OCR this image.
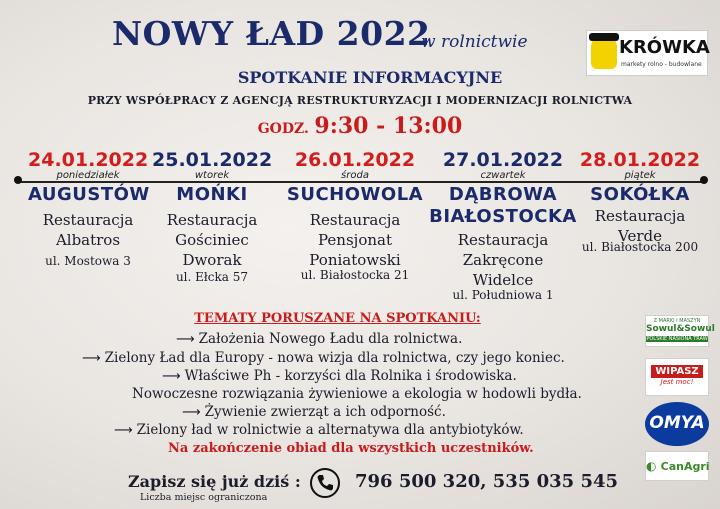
NOWY ŁAD 2022
w rolnictwie
SPOTKANIE INFORMACYJNE
PRZY WSPÓŁPRACY Z AGENCJĄ RESTRUKTURYZACJI I MODERNIZACJI ROLNICTWA
GODZ. 9:30 - 13:00
KRÓWKA
markety rolno - budowlane
24.01.2022
poniedziałek
AUGUSTÓW
Restauracja
Albatros
ul. Mostowa 3
25.01.2022
wtorek
MOŃKI
Restauracja
Gościniec
Dworak
ul. Ełcka 57
26.01.2022
środa
SUCHOWOLA
Restauracja
Pensjonat
Poniatowski
ul. Białostocka 21
27.01.2022
czwartek
DĄBROWA
BIAŁOSTOCKA
Restauracja
Zakręcone
Widelce
ul. Południowa 1
28.01.2022
piątek
SOKÓŁKA
Restauracja
Verde
ul. Białostocka 200
TEMATY PORUSZANE NA SPOTKANIU:
⟶ Założenia Nowego Ładu dla rolnictwa.
⟶ Zielony Ład dla Europy - nowa wizja dla rolnictwa, czy jego koniec.
⟶ Właściwe Ph - korzyści dla Rolnika i środowiska.
Nowoczesne rozwiązania żywieniowe a ekologia w hodowli bydła.
⟶ Żywienie zwierząt a ich odporność.
⟶ Zielony ład w rolnictwie a alternatywa dla antybiotyków.
Na zakończenie obiad dla wszystkich uczestników.
Zapisz się już dziś :
Liczba miejsc ograniczona
796 500 320, 535 035 545
Z MARKI I MASZYN
Sowul&Sowul
POLSKIE NASIONA TRAW
WIPASZ
Jest moc!
OMYA
◐ CanAgri
